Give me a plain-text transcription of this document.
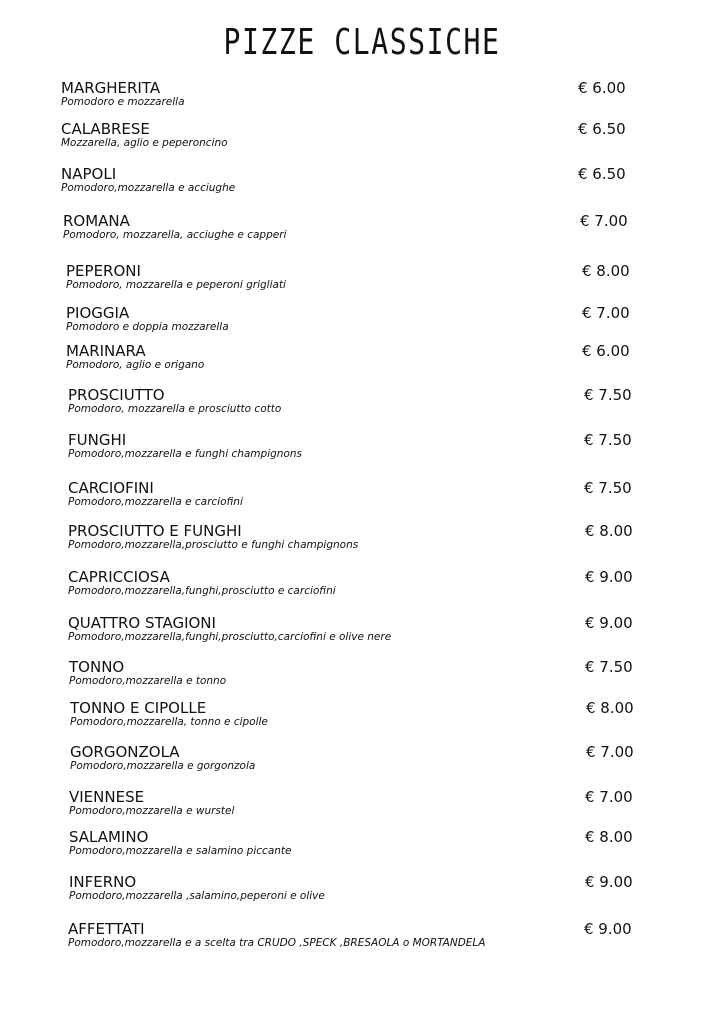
PIZZE CLASSICHE
MARGHERITA
Pomodoro e mozzarella
€ 6.00
CALABRESE
Mozzarella, aglio e peperoncino
€ 6.50
NAPOLI
Pomodoro,mozzarella e acciughe
€ 6.50
ROMANA
Pomodoro, mozzarella, acciughe e capperi
€ 7.00
PEPERONI
Pomodoro, mozzarella e peperoni grigliati
€ 8.00
PIOGGIA
Pomodoro e doppia mozzarella
€ 7.00
MARINARA
Pomodoro, aglio e origano
€ 6.00
PROSCIUTTO
Pomodoro, mozzarella e prosciutto cotto
€ 7.50
FUNGHI
Pomodoro,mozzarella e funghi champignons
€ 7.50
CARCIOFINI
Pomodoro,mozzarella e carciofini
€ 7.50
PROSCIUTTO E FUNGHI
Pomodoro,mozzarella,prosciutto e funghi champignons
€ 8.00
CAPRICCIOSA
Pomodoro,mozzarella,funghi,prosciutto e carciofini
€ 9.00
QUATTRO STAGIONI
Pomodoro,mozzarella,funghi,prosciutto,carciofini e olive nere
€ 9.00
TONNO
Pomodoro,mozzarella e tonno
€ 7.50
TONNO E CIPOLLE
Pomodoro,mozzarella, tonno e cipolle
€ 8.00
GORGONZOLA
Pomodoro,mozzarella e gorgonzola
€ 7.00
VIENNESE
Pomodoro,mozzarella e wurstel
€ 7.00
SALAMINO
Pomodoro,mozzarella e salamino piccante
€ 8.00
INFERNO
Pomodoro,mozzarella ,salamino,peperoni e olive
€ 9.00
AFFETTATI
Pomodoro,mozzarella e a scelta tra CRUDO ,SPECK ,BRESAOLA o MORTANDELA
€ 9.00
